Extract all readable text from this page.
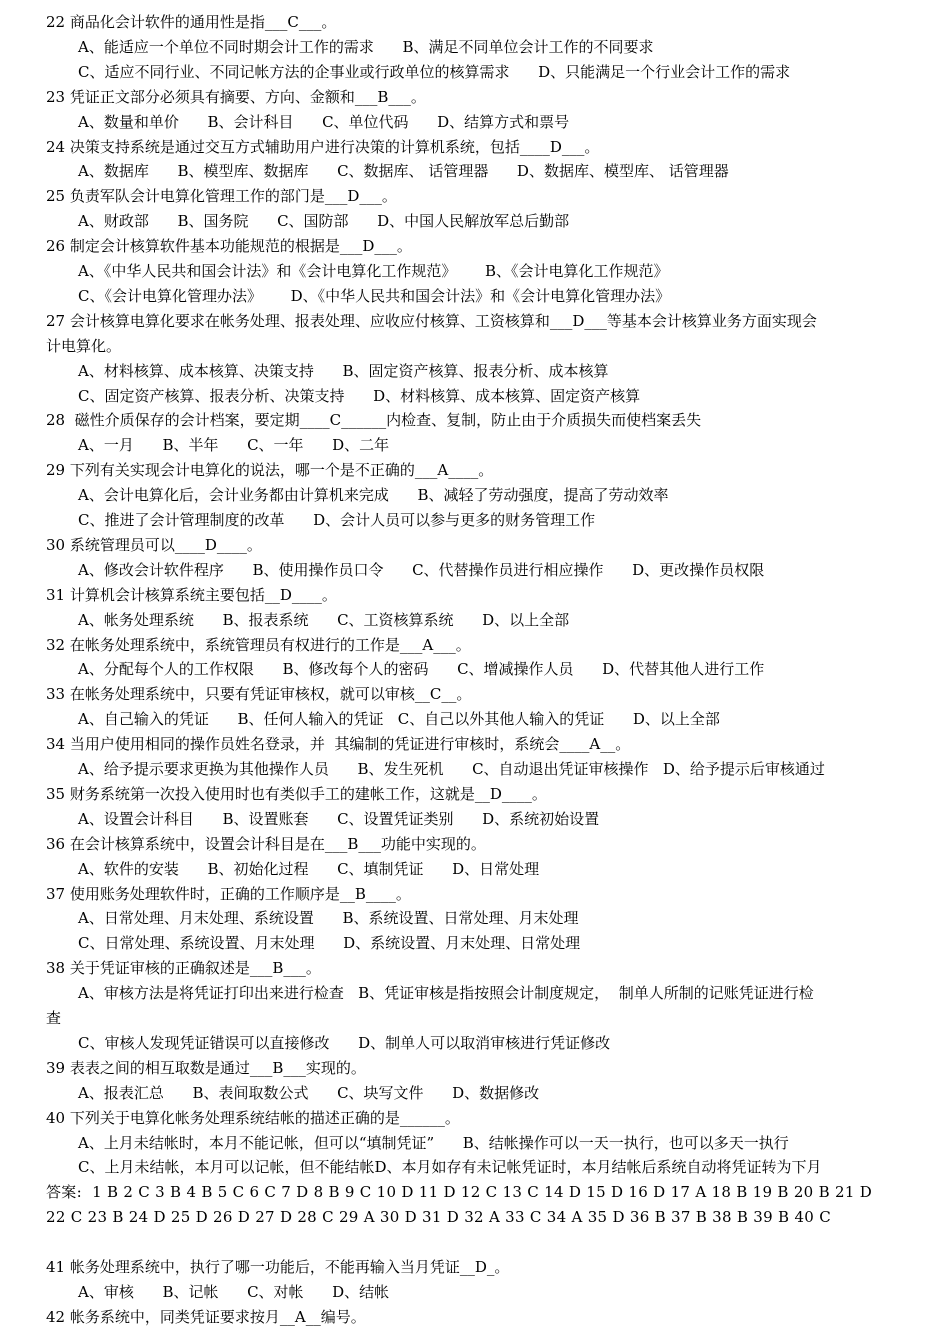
22 商品化会计软件的通用性是指___C___。
A、能适应一个单位不同时期会计工作的需求      B、满足不同单位会计工作的不同要求
C、适应不同行业、不同记帐方法的企事业或行政单位的核算需求      D、只能满足一个行业会计工作的需求
23 凭证正文部分必须具有摘要、方向、金额和___B___。
A、数量和单价      B、会计科目      C、单位代码      D、结算方式和票号
24 决策支持系统是通过交互方式辅助用户进行决策的计算机系统，包括____D___。
A、数据库      B、模型库、数据库      C、数据库、 话管理器      D、数据库、模型库、 话管理器
25 负责军队会计电算化管理工作的部门是___D___。
A、财政部      B、国务院      C、国防部      D、中国人民解放军总后勤部
26 制定会计核算软件基本功能规范的根据是___D___。
A、《中华人民共和国会计法》和《会计电算化工作规范》      B、《会计电算化工作规范》
C、《会计电算化管理办法》      D、《中华人民共和国会计法》和《会计电算化管理办法》
27 会计核算电算化要求在帐务处理、报表处理、应收应付核算、工资核算和___D___等基本会计核算业务方面实现会
计电算化。
A、材料核算、成本核算、决策支持      B、固定资产核算、报表分析、成本核算
C、固定资产核算、报表分析、决策支持      D、材料核算、成本核算、固定资产核算
28  磁性介质保存的会计档案，要定期____C______内检查、复制，防止由于介质损失而使档案丢失
A、一月      B、半年      C、一年      D、二年
29 下列有关实现会计电算化的说法，哪一个是不正确的___A____。
A、会计电算化后，会计业务都由计算机来完成      B、减轻了劳动强度，提高了劳动效率
C、推进了会计管理制度的改革      D、会计人员可以参与更多的财务管理工作
30 系统管理员可以____D____。
A、修改会计软件程序      B、使用操作员口令      C、代替操作员进行相应操作      D、更改操作员权限
31 计算机会计核算系统主要包括__D____。
A、帐务处理系统      B、报表系统      C、工资核算系统      D、以上全部
32 在帐务处理系统中，系统管理员有权进行的工作是___A___。
A、分配每个人的工作权限      B、修改每个人的密码      C、增减操作人员      D、代替其他人进行工作
33 在帐务处理系统中，只要有凭证审核权，就可以审核__C__。
A、自己输入的凭证      B、任何人输入的凭证   C、自己以外其他人输入的凭证      D、以上全部
34 当用户使用相同的操作员姓名登录，并  其编制的凭证进行审核时，系统会____A__。
A、给予提示要求更换为其他操作人员      B、发生死机      C、自动退出凭证审核操作   D、给予提示后审核通过
35 财务系统第一次投入使用时也有类似手工的建帐工作，这就是__D____。
A、设置会计科目      B、设置账套      C、设置凭证类别      D、系统初始设置
36 在会计核算系统中，设置会计科目是在___B___功能中实现的。
A、软件的安装      B、初始化过程      C、填制凭证      D、日常处理
37 使用账务处理软件时，正确的工作顺序是__B____。
A、日常处理、月末处理、系统设置      B、系统设置、日常处理、月末处理
C、日常处理、系统设置、月末处理      D、系统设置、月末处理、日常处理
38 关于凭证审核的正确叙述是___B___。
A、审核方法是将凭证打印出来进行检查   B、凭证审核是指按照会计制度规定，  制单人所制的记账凭证进行检
查
C、审核人发现凭证错误可以直接修改      D、制单人可以取消审核进行凭证修改
39 表表之间的相互取数是通过___B___实现的。
A、报表汇总      B、表间取数公式      C、块写文件      D、数据修改
40 下列关于电算化帐务处理系统结帐的描述正确的是______。
A、上月未结帐时，本月不能记帐，但可以“填制凭证”      B、结帐操作可以一天一执行，也可以多天一执行
C、上月未结帐，本月可以记帐，但不能结帐D、本月如存有未记帐凭证时，本月结帐后系统自动将凭证转为下月
答案:  1 B 2 C 3 B 4 B 5 C 6 C 7 D 8 B 9 C 10 D 11 D 12 C 13 C 14 D 15 D 16 D 17 A 18 B 19 B 20 B 21 D
22 C 23 B 24 D 25 D 26 D 27 D 28 C 29 A 30 D 31 D 32 A 33 C 34 A 35 D 36 B 37 B 38 B 39 B 40 C
41 帐务处理系统中，执行了哪一功能后，不能再输入当月凭证__D_。
A、审核      B、记帐      C、对帐      D、结帐
42 帐务系统中，同类凭证要求按月__A__编号。
